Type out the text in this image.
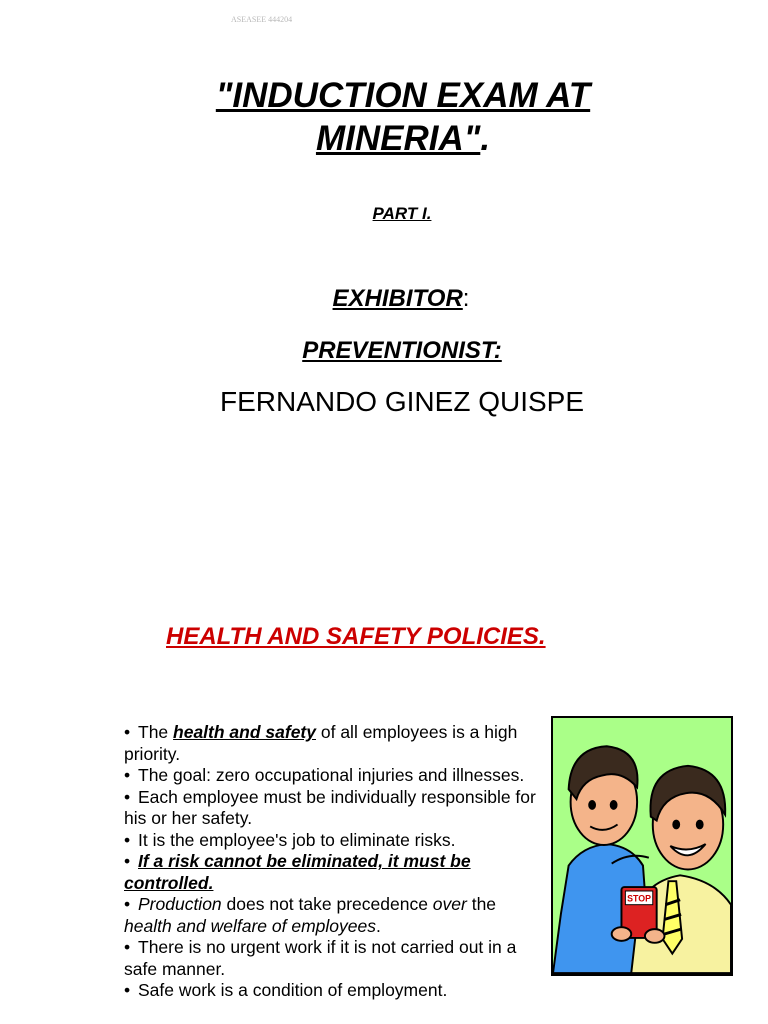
ASEASEE 444204
"INDUCTION EXAM AT
MINERIA".
PART I.
EXHIBITOR:
PREVENTIONIST:
FERNANDO GINEZ QUISPE
HEALTH AND SAFETY POLICIES.
• The health and safety of all employees is a high priority.
• The goal: zero occupational injuries and illnesses.
• Each employee must be individually responsible for his or her safety.
• It is the employee's job to eliminate risks.
• If a risk cannot be eliminated, it must be controlled.
• Production does not take precedence over the health and welfare of employees.
• There is no urgent work if it is not carried out in a safe manner.
• Safe work is a condition of employment.
STOP
